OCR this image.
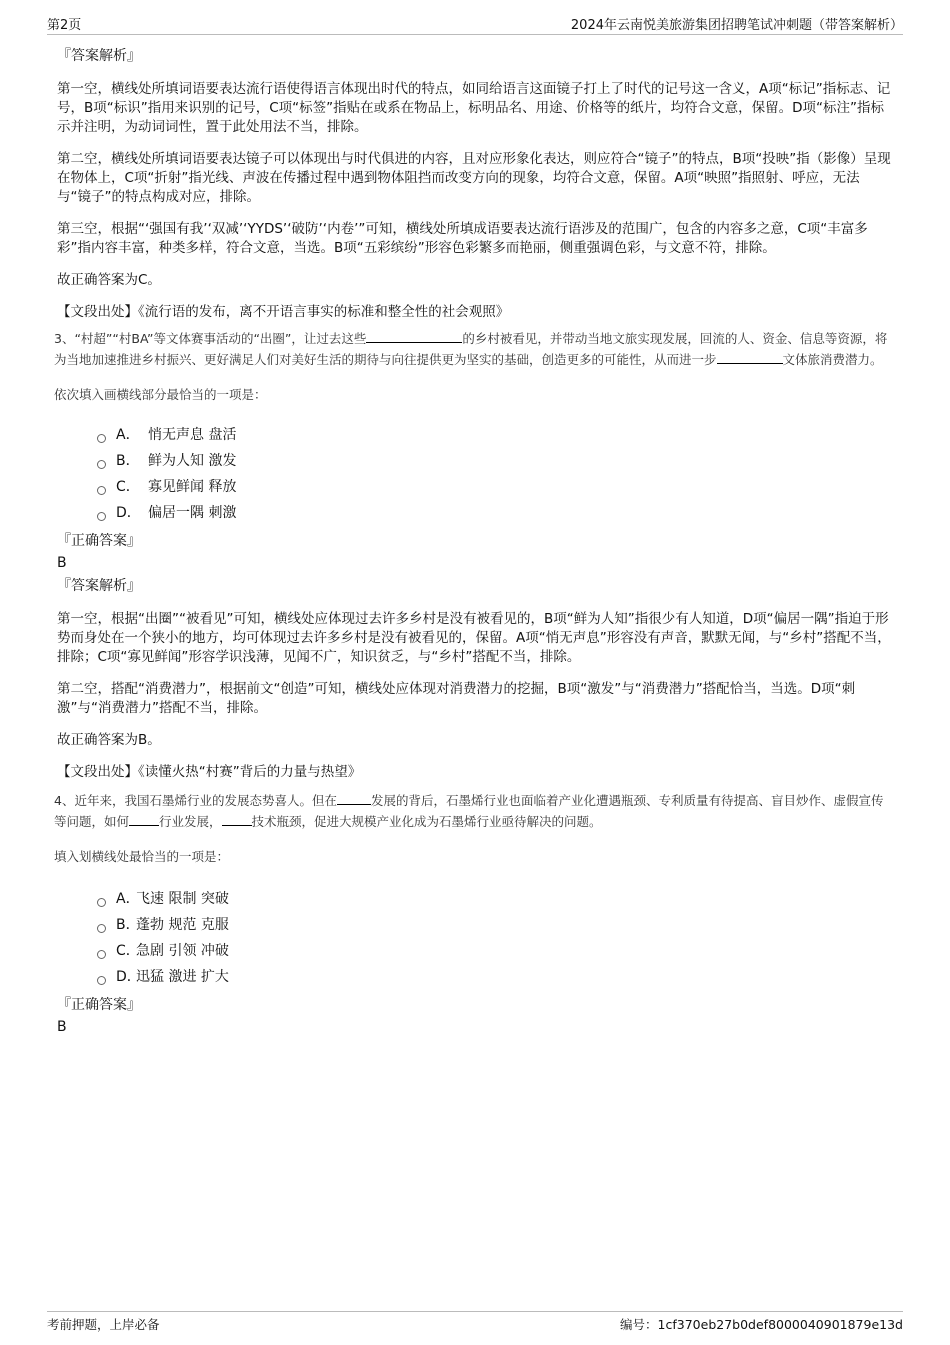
第2页	2024年云南悦美旅游集团招聘笔试冲刺题（带答案解析）

『答案解析』

第一空，横线处所填词语要表达流行语使得语言体现出时代的特点，如同给语言这面镜子打上了时代的记号这一含义，A项“标记”指标志、记号，B项“标识”指用来识别的记号，C项“标签”指贴在或系在物品上，标明品名、用途、价格等的纸片，均符合文意，保留。D项“标注”指标示并注明，为动词词性，置于此处用法不当，排除。

第二空，横线处所填词语要表达镜子可以体现出与时代俱进的内容，且对应形象化表达，则应符合“镜子”的特点，B项“投映”指（影像）呈现在物体上，C项“折射”指光线、声波在传播过程中遇到物体阻挡而改变方向的现象，均符合文意，保留。A项“映照”指照射、呼应，无法与“镜子”的特点构成对应，排除。

第三空，根据“‘强国有我’‘双减’‘YYDS’‘破防’‘内卷’”可知，横线处所填成语要表达流行语涉及的范围广，包含的内容多之意，C项“丰富多彩”指内容丰富，种类多样，符合文意，当选。B项“五彩缤纷”形容色彩繁多而艳丽，侧重强调色彩，与文意不符，排除。

故正确答案为C。

【文段出处】《流行语的发布，离不开语言事实的标准和整全性的社会观照》

3、“村超”“村BA”等文体赛事活动的“出圈”，让过去这些	的乡村被看见，并带动当地文旅实现发展，回流的人、资金、信息等资源，将为当地加速推进乡村振兴、更好满足人们对美好生活的期待与向往提供更为坚实的基础，创造更多的可能性，从而进一步	文体旅消费潜力。

依次填入画横线部分最恰当的一项是：

A． 悄无声息 盘活
B． 鲜为人知 激发
C． 寡见鲜闻 释放
D． 偏居一隅 刺激

『正确答案』

B

『答案解析』

第一空，根据“出圈”“被看见”可知，横线处应体现过去许多乡村是没有被看见的，B项“鲜为人知”指很少有人知道，D项“偏居一隅”指迫于形势而身处在一个狭小的地方，均可体现过去许多乡村是没有被看见的，保留。A项“悄无声息”形容没有声音，默默无闻，与“乡村”搭配不当，排除；C项“寡见鲜闻”形容学识浅薄，见闻不广，知识贫乏，与“乡村”搭配不当，排除。

第二空，搭配“消费潜力”，根据前文“创造”可知，横线处应体现对消费潜力的挖掘，B项“激发”与“消费潜力”搭配恰当，当选。D项“刺激”与“消费潜力”搭配不当，排除。

故正确答案为B。

【文段出处】《读懂火热“村赛”背后的力量与热望》

4、近年来，我国石墨烯行业的发展态势喜人。但在	发展的背后，石墨烯行业也面临着产业化遭遇瓶颈、专利质量有待提高、盲目炒作、虚假宣传等问题，如何 行业发展， 技术瓶颈，促进大规模产业化成为石墨烯行业亟待解决的问题。

填入划横线处最恰当的一项是：

A．
飞速 限制 突破
B．
蓬勃 规范 克服
C．
急剧 引领 冲破
D．
迅猛 激进 扩大

『正确答案』

B

考前押题，上岸必备	编号：1cf370eb27b0def8000040901879e13d
